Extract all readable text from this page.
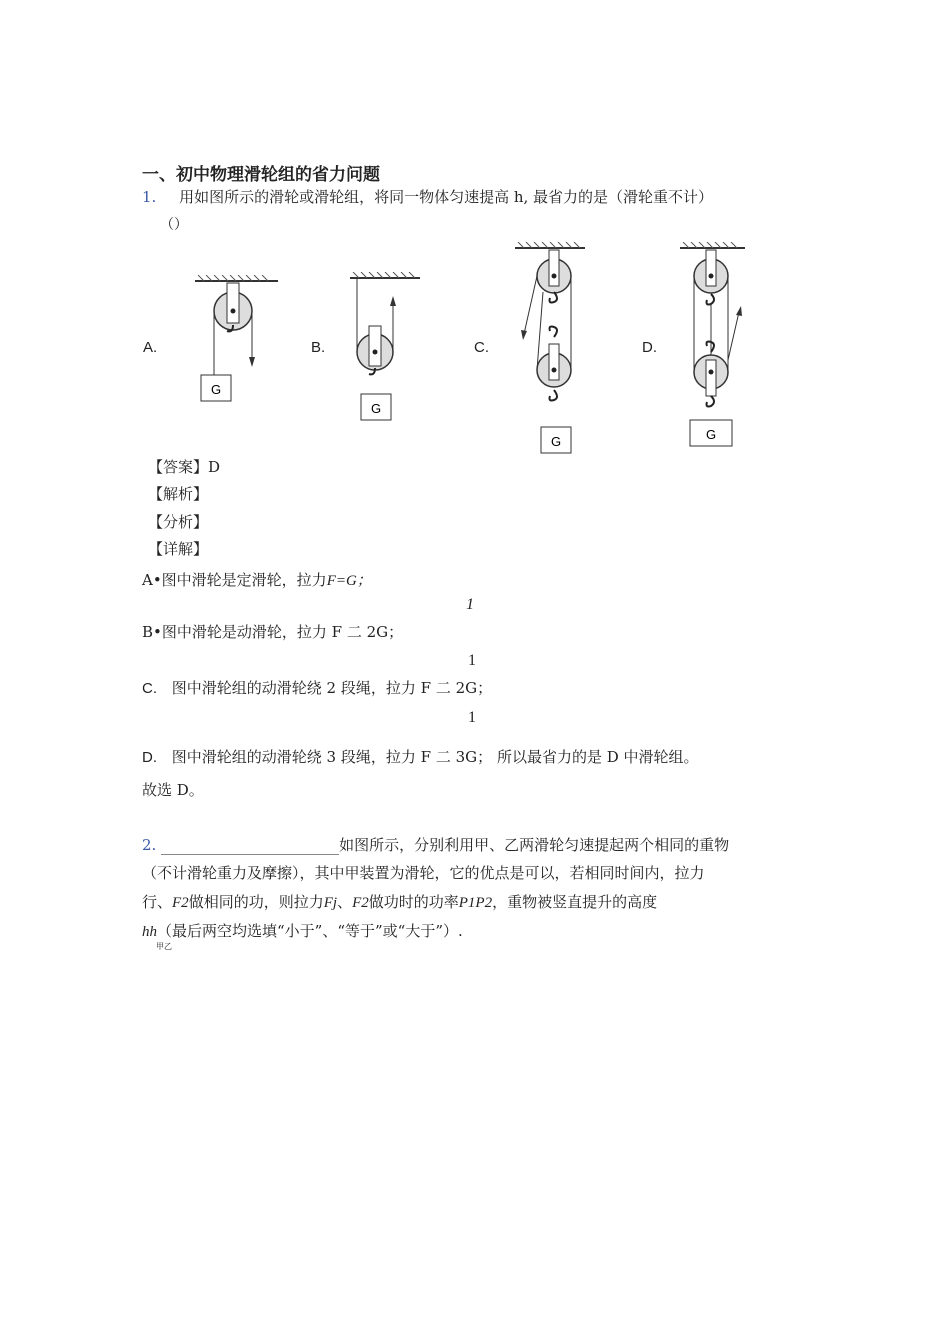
一、初中物理滑轮组的省力问题
1. 用如图所示的滑轮或滑轮组，将同一物体匀速提高 h, 最省力的是（滑轮重不计）
（）
A.	B.	C.	D.
G
G
G	G
【答案】D
【解析】
【分析】
【详解】
A•图中滑轮是定滑轮，拉力F=G；
1
B•图中滑轮是动滑轮，拉力 F 二 2G；
1
C. 图中滑轮组的动滑轮绕 2 段绳，拉力 F 二 2G；
1
D. 图中滑轮组的动滑轮绕 3 段绳，拉力 F 二 3G； 所以最省力的是 D 中滑轮组。
故选 D。
2.	如图所示，分别利用甲、乙两滑轮匀速提起两个相同的重物
（不计滑轮重力及摩擦），其中甲装置为滑轮，它的优点是可以，若相同时间内，拉力
行、F2做相同的功，则拉力Fj、F2做功时的功率P1P2，重物被竖直提升的高度
hh（最后两空均选填“小于”、“等于”或“大于”）.
甲乙
